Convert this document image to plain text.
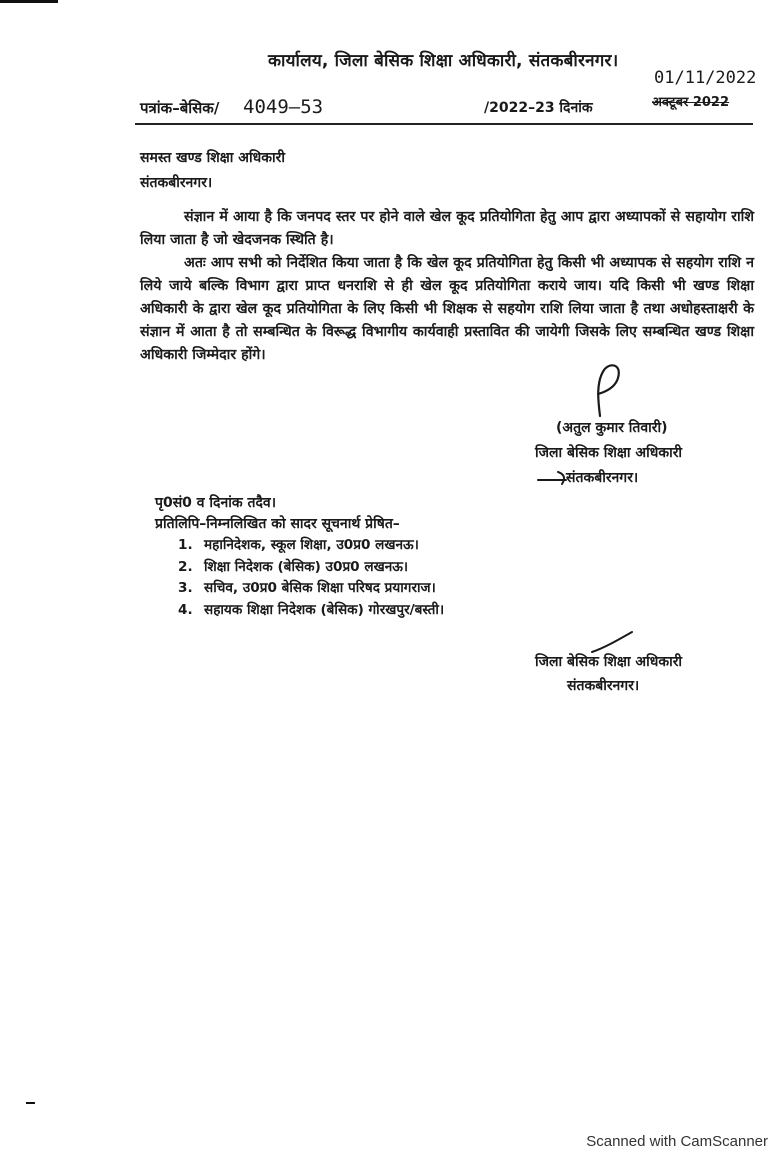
कार्यालय, जिला बेसिक शिक्षा अधिकारी, संतकबीरनगर।
01/11/2022
अक्टूबर 2022
पत्रांक–बेसिक/ 4049–53	/2022–23 दिनांक
समस्त खण्ड शिक्षा अधिकारी
संतकबीरनगर।

संज्ञान में आया है कि जनपद स्तर पर होने वाले खेल कूद प्रतियोगिता हेतु आप द्वारा अध्यापकों से सहायोग राशि लिया जाता है जो खेदजनक स्थिति है।

अतः आप सभी को निर्देशित किया जाता है कि खेल कूद प्रतियोगिता हेतु किसी भी अध्यापक से सहयोग राशि न लिये जाये बल्कि विभाग द्वारा प्राप्त धनराशि से ही खेल कूद प्रतियोगिता कराये जाय। यदि किसी भी खण्ड शिक्षा अधिकारी के द्वारा खेल कूद प्रतियोगिता के लिए किसी भी शिक्षक से सहयोग राशि लिया जाता है तथा अधोहस्ताक्षरी के संज्ञान में आता है तो सम्बन्धित के विरूद्ध विभागीय कार्यवाही प्रस्तावित की जायेगी जिसके लिए सम्बन्धित खण्ड शिक्षा अधिकारी जिम्मेदार होंगे।

(अतुल कुमार तिवारी)
जिला बेसिक शिक्षा अधिकारी
संतकबीरनगर।
पृ0सं0 व दिनांक तदैव।
प्रतिलिपि–निम्नलिखित को सादर सूचनार्थ प्रेषित–
1. महानिदेशक, स्कूल शिक्षा, उ0प्र0 लखनऊ।
2. शिक्षा निदेशक (बेसिक) उ0प्र0 लखनऊ।
3. सचिव, उ0प्र0 बेसिक शिक्षा परिषद प्रयागराज।
4. सहायक शिक्षा निदेशक (बेसिक) गोरखपुर/बस्ती।
जिला बेसिक शिक्षा अधिकारी
संतकबीरनगर।
Scanned with CamScanner
